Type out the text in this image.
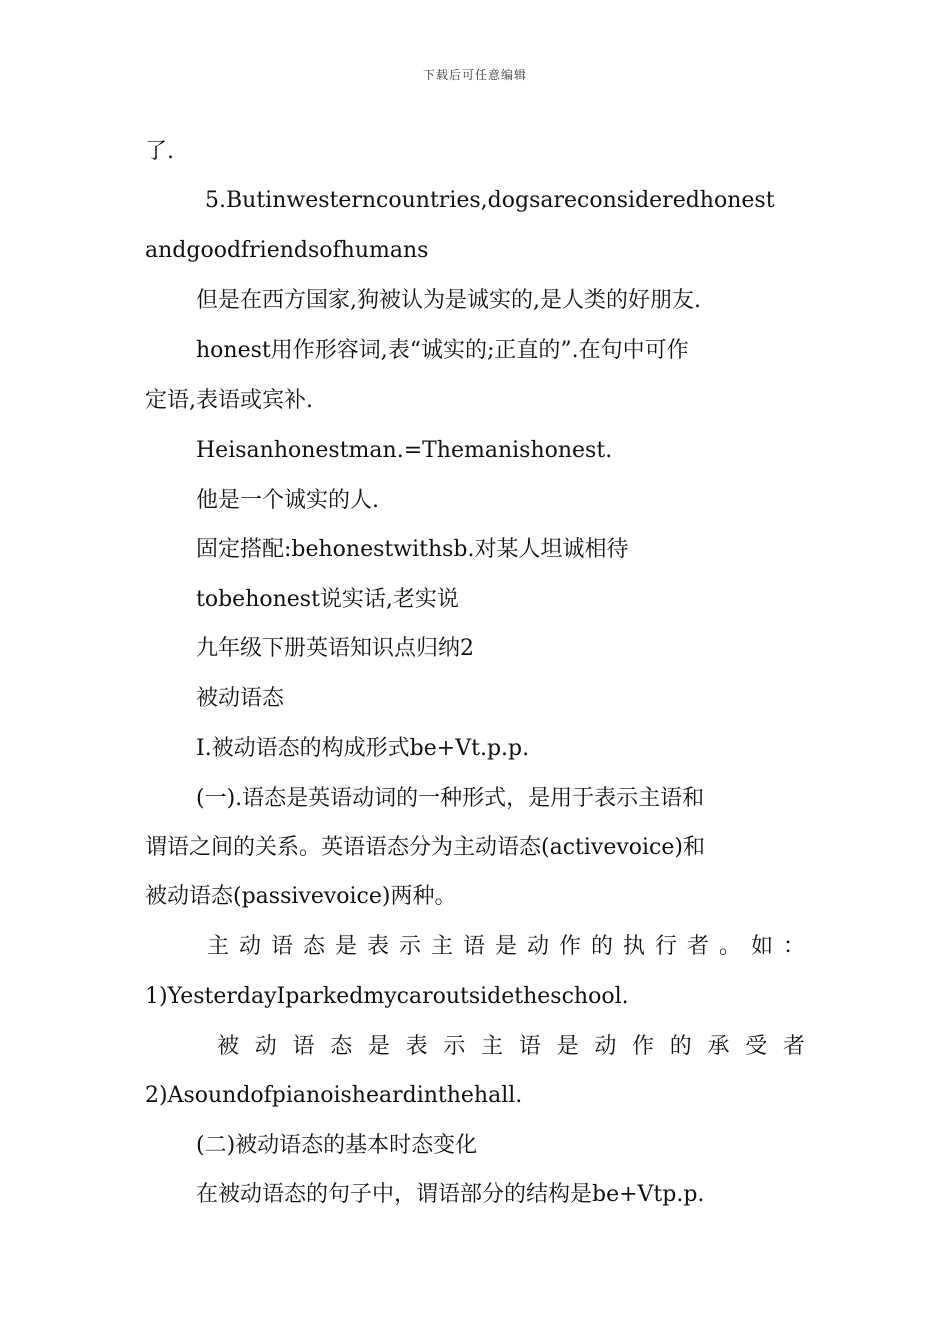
下载后可任意编辑
了.
5.Butinwesterncountries,dogsareconsideredhonest
andgoodfriendsofhumans
但是在西方国家,狗被认为是诚实的,是人类的好朋友.
honest用作形容词,表“诚实的;正直的”.在句中可作
定语,表语或宾补.
Heisanhonestman.=Themanishonest.
他是一个诚实的人.
固定搭配:behonestwithsb.对某人坦诚相待
tobehonest说实话,老实说
九年级下册英语知识点归纳2
被动语态
Ⅰ.被动语态的构成形式be+Vt.p.p.
(一).语态是英语动词的一种形式，是用于表示主语和
谓语之间的关系。英语语态分为主动语态(activevoice)和
被动语态(passivevoice)两种。
主动语态是表示主语是动作的执行者。如：
1)YesterdayIparkedmycaroutsidetheschool.
被动语态是表示主语是动作的承受者
2)Asoundofpianoisheardinthehall.
(二)被动语态的基本时态变化
在被动语态的句子中，谓语部分的结构是be+Vtp.p.
